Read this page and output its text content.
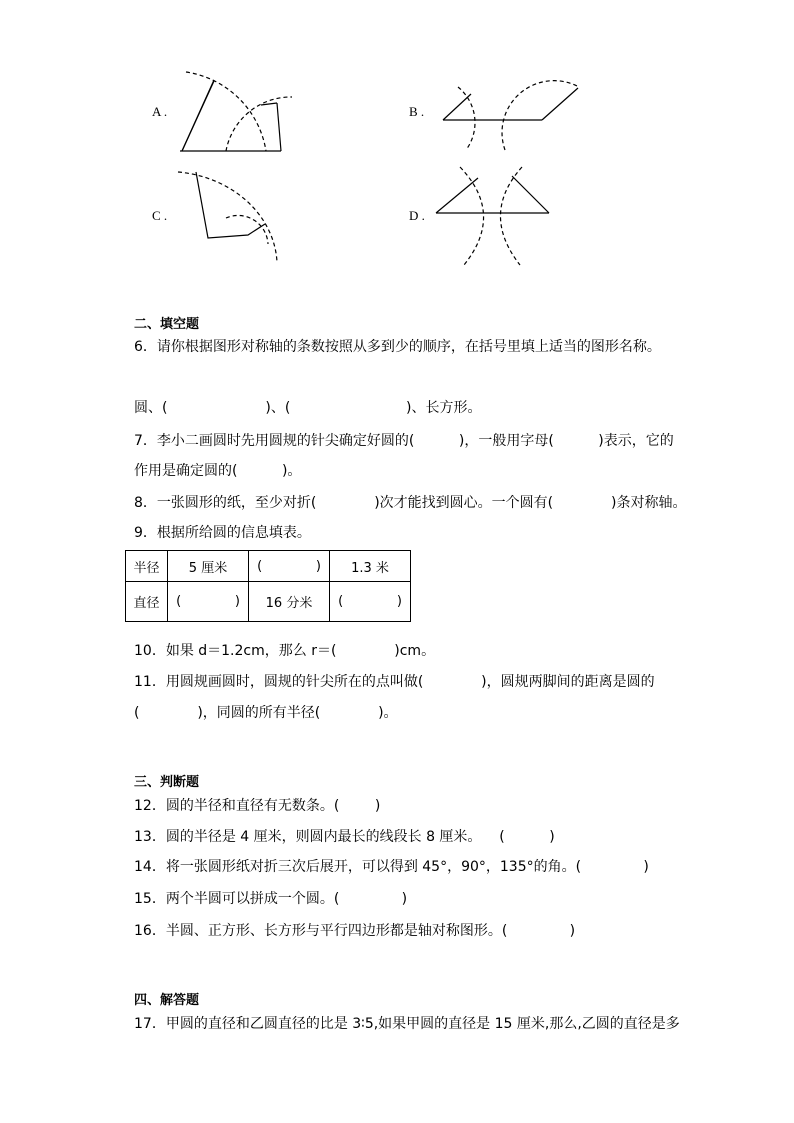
A .	B .
C .	D .
二、填空题
6．请你根据图形对称轴的条数按照从多到少的顺序，在括号里填上适当的图形名称。
圆、(                      )、(                          )、长方形。
7．李小二画圆时先用圆规的针尖确定好圆的(          )，一般用字母(          )表示，它的
作用是确定圆的(          )。
8．一张圆形的纸，至少对折(             )次才能找到圆心。一个圆有(             )条对称轴。
9．根据所给圆的信息填表。
半径	5 厘米	(             )	1.3 米
直径	(             )	16 分米	(             )
10．如果 d＝1.2cm，那么 r＝(             )cm。
11．用圆规画圆时，圆规的针尖所在的点叫做(             )，圆规两脚间的距离是圆的
(             )，同圆的所有半径(             )。
三、判断题
12．圆的半径和直径有无数条。(        )
13．圆的半径是 4 厘米，则圆内最长的线段长 8 厘米。    (          )
14．将一张圆形纸对折三次后展开，可以得到 45°，90°，135°的角。(              )
15．两个半圆可以拼成一个圆。(              )
16．半圆、正方形、长方形与平行四边形都是轴对称图形。(              )
四、解答题
17．甲圆的直径和乙圆直径的比是 3∶5,如果甲圆的直径是 15 厘米,那么,乙圆的直径是多
